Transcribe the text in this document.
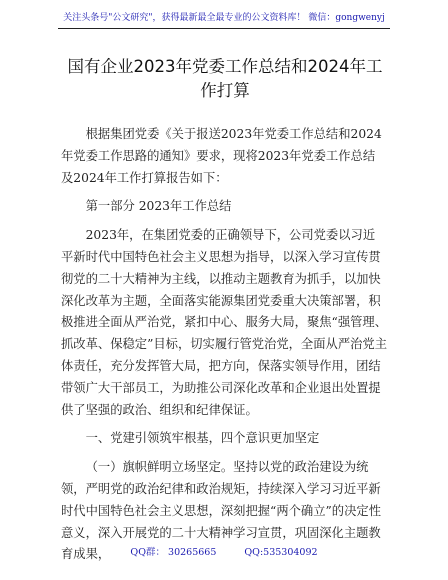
关注头条号"公文研究"，获得最新最全最专业的公文资料库！ 微信：gongwenyj
国有企业2023年党委工作总结和2024年工作打算

根据集团党委《关于报送2023年党委工作总结和2024年党委工作思路的通知》要求，现将2023年党委工作总结及2024年工作打算报告如下：

第一部分 2023年工作总结

2023年，在集团党委的正确领导下，公司党委以习近平新时代中国特色社会主义思想为指导，以深入学习宣传贯彻党的二十大精神为主线，以推动主题教育为抓手，以加快深化改革为主题，全面落实能源集团党委重大决策部署，积极推进全面从严治党，紧扣中心、服务大局，聚焦“强管理、抓改革、保稳定”目标，切实履行管党治党，全面从严治党主体责任，充分发挥管大局，把方向，保落实领导作用，团结带领广大干部员工，为助推公司深化改革和企业退出处置提供了坚强的政治、组织和纪律保证。

一、党建引领筑牢根基，四个意识更加坚定

（一）旗帜鲜明立场坚定。坚持以党的政治建设为统领，严明党的政治纪律和政治规矩，持续深入学习习近平新时代中国特色社会主义思想，深刻把握“两个确立”的决定性意义，深入开展党的二十大精神学习宣贯，巩固深化主题教育成果，	QQ群： 30265665	QQ:535304092
